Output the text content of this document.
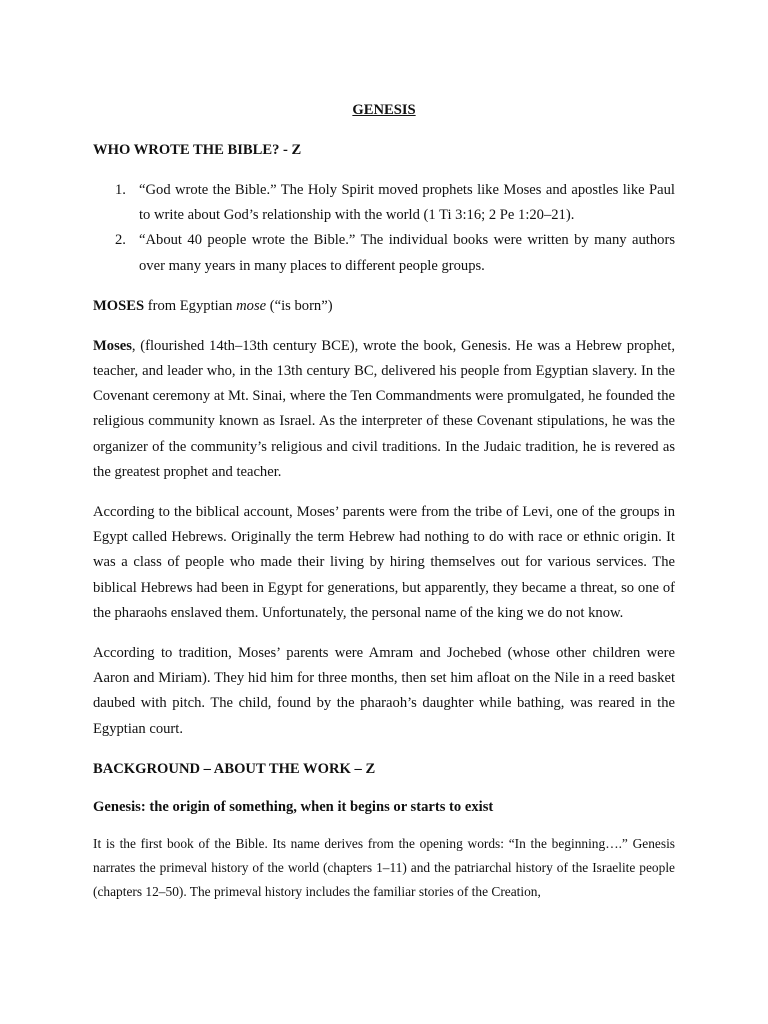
GENESIS

WHO WROTE THE BIBLE? - Z

1. “God wrote the Bible.” The Holy Spirit moved prophets like Moses and apostles like Paul to write about God’s relationship with the world (1 Ti 3:16; 2 Pe 1:20–21).
2. “About 40 people wrote the Bible.” The individual books were written by many authors over many years in many places to different people groups.

MOSES from Egyptian mose (“is born”)

Moses, (flourished 14th–13th century BCE), wrote the book, Genesis. He was a Hebrew prophet, teacher, and leader who, in the 13th century BC, delivered his people from Egyptian slavery. In the Covenant ceremony at Mt. Sinai, where the Ten Commandments were promulgated, he founded the religious community known as Israel. As the interpreter of these Covenant stipulations, he was the organizer of the community’s religious and civil traditions. In the Judaic tradition, he is revered as the greatest prophet and teacher.

According to the biblical account, Moses’ parents were from the tribe of Levi, one of the groups in Egypt called Hebrews. Originally the term Hebrew had nothing to do with race or ethnic origin. It was a class of people who made their living by hiring themselves out for various services. The biblical Hebrews had been in Egypt for generations, but apparently, they became a threat, so one of the pharaohs enslaved them. Unfortunately, the personal name of the king we do not know.

According to tradition, Moses’ parents were Amram and Jochebed (whose other children were Aaron and Miriam). They hid him for three months, then set him afloat on the Nile in a reed basket daubed with pitch. The child, found by the pharaoh’s daughter while bathing, was reared in the Egyptian court.

BACKGROUND – ABOUT THE WORK – Z

Genesis: the origin of something, when it begins or starts to exist

It is the first book of the Bible. Its name derives from the opening words: “In the beginning….” Genesis narrates the primeval history of the world (chapters 1–11) and the patriarchal history of the Israelite people (chapters 12–50). The primeval history includes the familiar stories of the Creation,
